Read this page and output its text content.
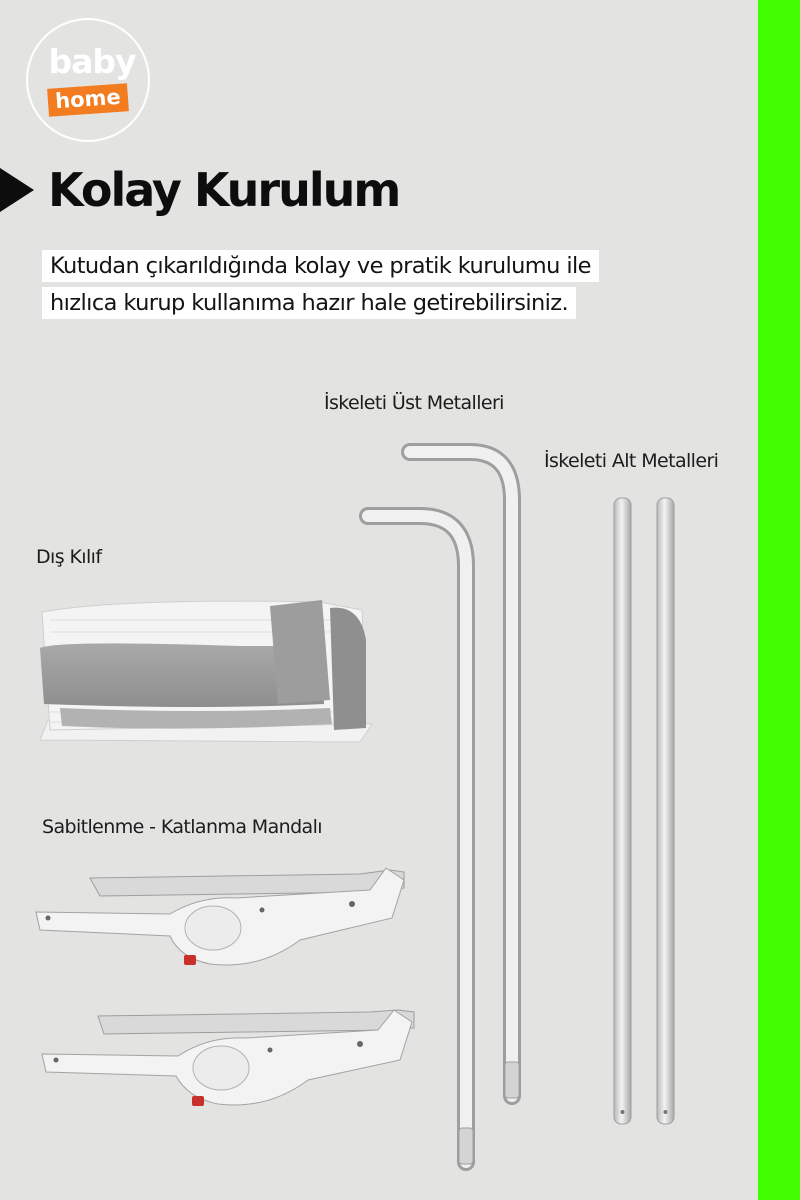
baby
home
Kolay Kurulum
Kutudan çıkarıldığında kolay ve pratik kurulumu ile
hızlıca kurup kullanıma hazır hale getirebilirsiniz.
İskeleti Üst Metalleri
İskeleti Alt Metalleri
Dış Kılıf
Sabitlenme - Katlanma Mandalı
